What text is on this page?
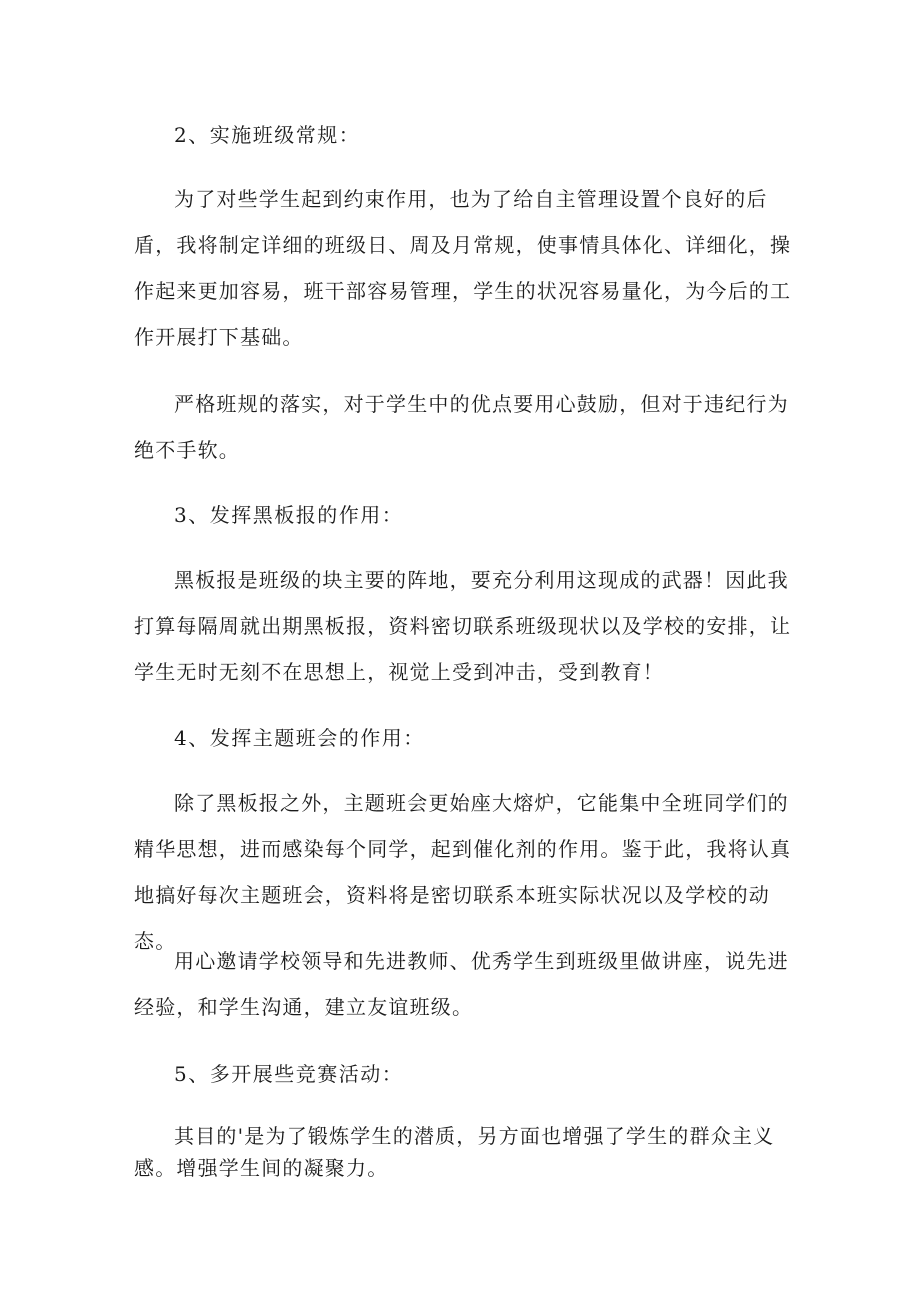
2、实施班级常规：

为了对些学生起到约束作用，也为了给自主管理设置个良好的后盾，我将制定详细的班级日、周及月常规，使事情具体化、详细化，操作起来更加容易，班干部容易管理，学生的状况容易量化，为今后的工作开展打下基础。

严格班规的落实，对于学生中的优点要用心鼓励，但对于违纪行为绝不手软。

3、发挥黑板报的作用：

黑板报是班级的块主要的阵地，要充分利用这现成的武器！因此我打算每隔周就出期黑板报，资料密切联系班级现状以及学校的安排，让学生无时无刻不在思想上，视觉上受到冲击，受到教育！

4、发挥主题班会的作用：

除了黑板报之外，主题班会更始座大熔炉，它能集中全班同学们的精华思想，进而感染每个同学，起到催化剂的作用。鉴于此，我将认真地搞好每次主题班会，资料将是密切联系本班实际状况以及学校的动态。

用心邀请学校领导和先进教师、优秀学生到班级里做讲座，说先进经验，和学生沟通，建立友谊班级。

5、多开展些竞赛活动：

其目的'是为了锻炼学生的潜质，另方面也增强了学生的群众主义感。增强学生间的凝聚力。
